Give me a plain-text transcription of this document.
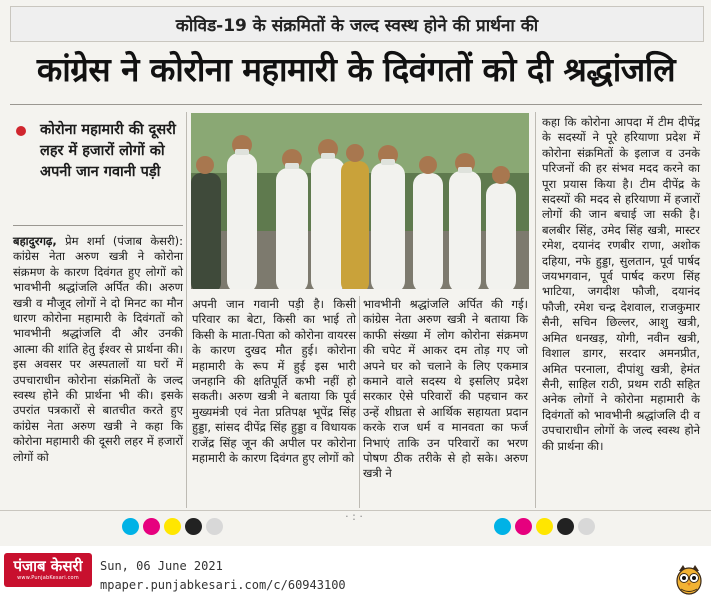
कोविड-19 के संक्रमितों के जल्द स्वस्थ होने की प्रार्थना की
कांग्रेस ने कोरोना महामारी के दिवंगतों को दी श्रद्धांजलि
कोरोना महामारी की दूसरी लहर में हजारों लोगों को अपनी जान गवानी पड़ी

बहादुरगढ़, प्रेम शर्मा (पंजाब केसरी): कांग्रेस नेता अरुण खत्री ने कोरोना संक्रमण के कारण दिवंगत हुए लोगों को भावभीनी श्रद्धांजलि अर्पित की। अरुण खत्री व मौजूद लोगों ने दो मिनट का मौन धारण कोरोना महामारी के दिवंगतों को भावभीनी श्रद्धांजलि दी और उनकी आत्मा की शांति हेतु ईश्वर से प्रार्थना की। इस अवसर पर अस्पतालों या घरों में उपचाराधीन कोरोना संक्रमितों के जल्द स्वस्थ होने की प्रार्थना भी की। इसके उपरांत पत्रकारों से बातचीत करते हुए कांग्रेस नेता अरुण खत्री ने कहा कि कोरोना महामारी की दूसरी लहर में हजारों लोगों को

अपनी जान गवानी पड़ी है। किसी परिवार का बेटा, किसी का भाई तो किसी के माता-पिता को कोरोना वायरस के कारण दुखद मौत हुई। कोरोना महामारी के रूप में हुई इस भारी जनहानि की क्षतिपूर्ति कभी नहीं हो सकती। अरुण खत्री ने बताया कि पूर्व मुख्यमंत्री एवं नेता प्रतिपक्ष भूपेंद्र सिंह हुड्डा, सांसद दीपेंद्र सिंह हुड्डा व विधायक राजेंद्र सिंह जून की अपील पर कोरोना महामारी के कारण दिवंगत हुए लोगों को

भावभीनी श्रद्धांजलि अर्पित की गई। कांग्रेस नेता अरुण खत्री ने बताया कि काफी संख्या में लोग कोरोना संक्रमण की चपेट में आकर दम तोड़ गए जो अपने घर को चलाने के लिए एकमात्र कमाने वाले सदस्य थे इसलिए प्रदेश सरकार ऐसे परिवारों की पहचान कर उन्हें शीघ्रता से आर्थिक सहायता प्रदान करके राज धर्म व मानवता का फर्ज निभाएं ताकि उन परिवारों का भरण पोषण ठीक तरीके से हो सके। अरुण खत्री ने

कहा कि कोरोना आपदा में टीम दीपेंद्र के सदस्यों ने पूरे हरियाणा प्रदेश में कोरोना संक्रमितों के इलाज व उनके परिजनों की हर संभव मदद करने का पूरा प्रयास किया है। टीम दीपेंद्र के सदस्यों की मदद से हरियाणा में हजारों लोगों की जान बचाई जा सकी है। बलबीर सिंह, उमेद सिंह खत्री, मास्टर रमेश, दयानंद रणबीर राणा, अशोक दहिया, नफे हुड्डा, सुलतान, पूर्व पार्षद जयभगवान, पूर्व पार्षद करण सिंह भाटिया, जगदीश फौजी, दयानंद फौजी, रमेश चन्द्र देशवाल, राजकुमार सैनी, सचिन छिल्लर, आशु खत्री, अमित धनखड़, योगी, नवीन खत्री, विशाल डागर, सरदार अमनप्रीत, अमित परनाला, दीपांशु खत्री, हेमंत सैनी, साहिल राठी, प्रथम राठी सहित अनेक लोगों ने कोरोना महामारी के दिवंगतों को भावभीनी श्रद्धांजलि दी व उपचाराधीन लोगों के जल्द स्वस्थ होने की प्रार्थना की।

· : ·
पंजाब केसरी
www.PunjabKesari.com
Sun, 06 June 2021
mpaper.punjabkesari.com/c/60943100
